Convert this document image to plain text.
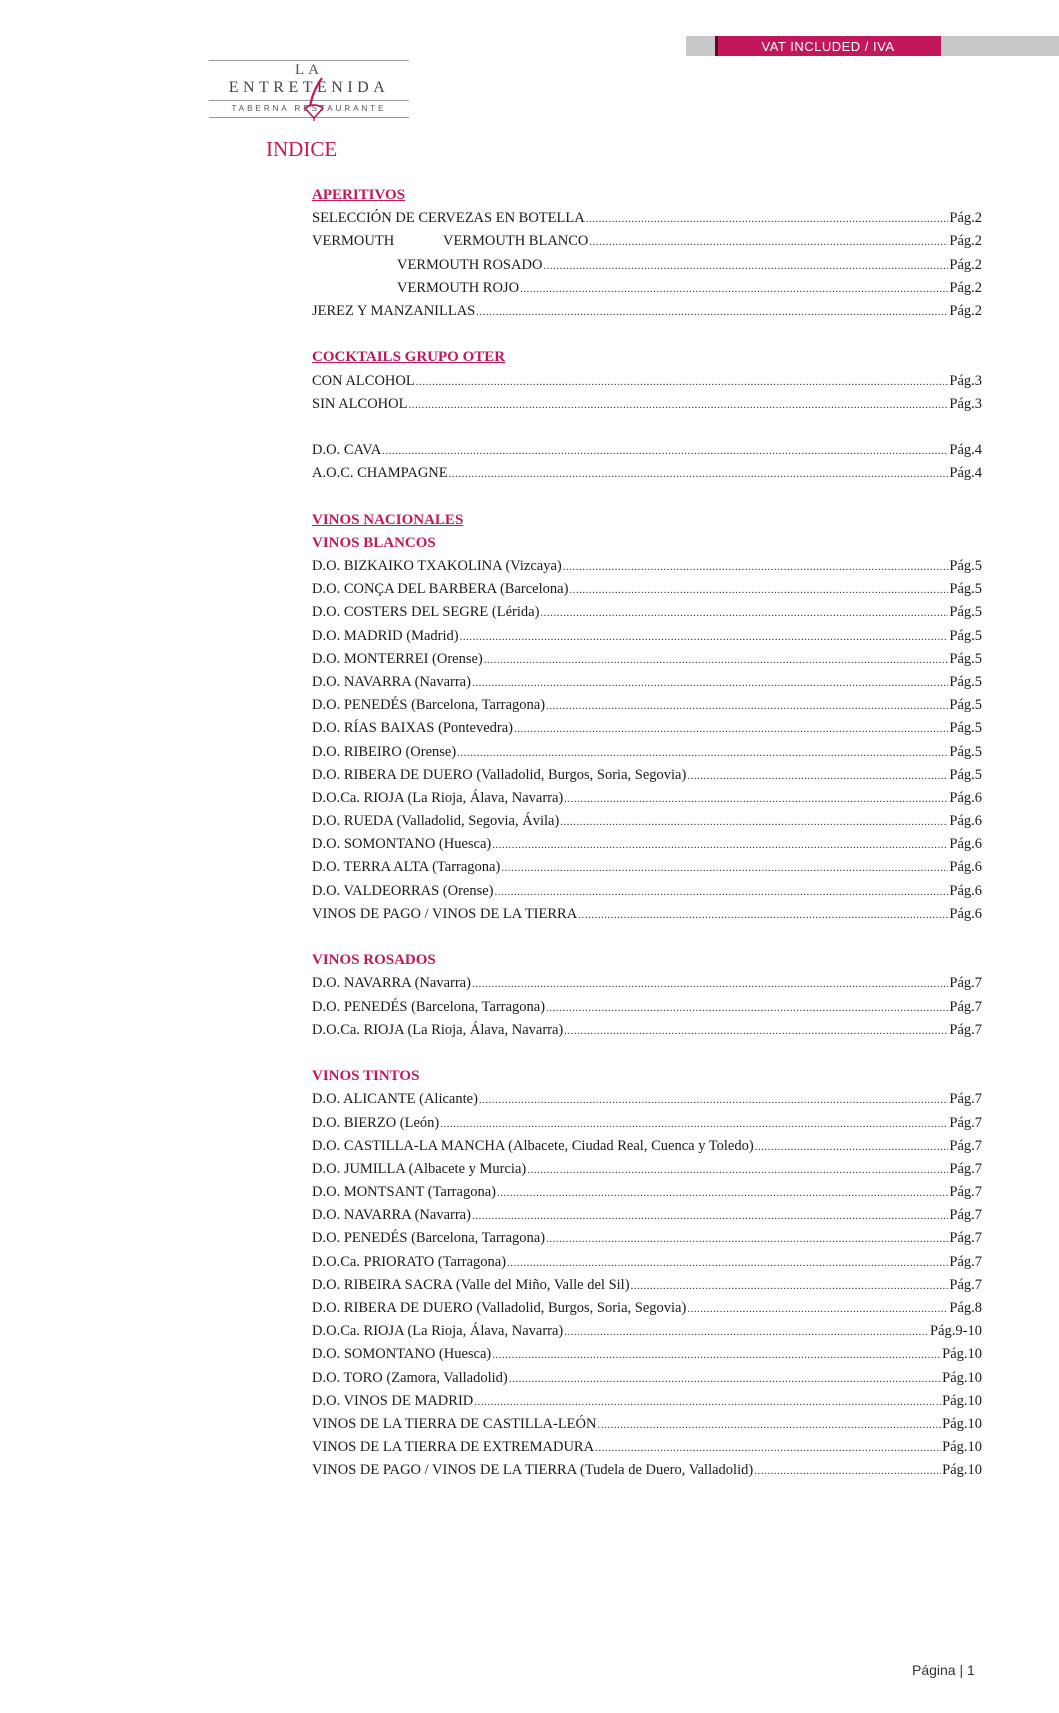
VAT INCLUDED / IVA
LA
ENTRETENIDA
TABERNA RESTAURANTE
INDICE
APERITIVOS
SELECCIÓN DE CERVEZAS EN BOTELLA .....	Pág.2
VERMOUTH	VERMOUTH BLANCO .....	Pág.2
VERMOUTH ROSADO .....	Pág.2
VERMOUTH ROJO .....	Pág.2
JEREZ Y MANZANILLAS .....	Pág.2
COCKTAILS GRUPO OTER
CON ALCOHOL .....	Pág.3
SIN ALCOHOL .....	Pág.3
D.O. CAVA .....	Pág.4
A.O.C. CHAMPAGNE .....	Pág.4
VINOS NACIONALES
VINOS BLANCOS
D.O. BIZKAIKO TXAKOLINA (Vizcaya) .....	Pág.5
D.O. CONÇA DEL BARBERA (Barcelona) .....	Pág.5
D.O. COSTERS DEL SEGRE (Lérida) .....	Pág.5
D.O. MADRID (Madrid) .....	Pág.5
D.O. MONTERREI (Orense) .....	Pág.5
D.O. NAVARRA (Navarra) .....	Pág.5
D.O. PENEDÉS (Barcelona, Tarragona) .....	Pág.5
D.O. RÍAS BAIXAS (Pontevedra) .....	Pág.5
D.O. RIBEIRO (Orense) .....	Pág.5
D.O. RIBERA DE DUERO (Valladolid, Burgos, Soria, Segovia) .....	Pág.5
D.O.Ca. RIOJA (La Rioja, Álava, Navarra) .....	Pág.6
D.O. RUEDA (Valladolid, Segovia, Ávila) .....	Pág.6
D.O. SOMONTANO (Huesca) .....	Pág.6
D.O. TERRA ALTA (Tarragona) .....	Pág.6
D.O. VALDEORRAS (Orense) .....	Pág.6
VINOS DE PAGO / VINOS DE LA TIERRA .....	Pág.6
VINOS ROSADOS
D.O. NAVARRA (Navarra) .....	Pág.7
D.O. PENEDÉS (Barcelona, Tarragona) .....	Pág.7
D.O.Ca. RIOJA (La Rioja, Álava, Navarra) .....	Pág.7
VINOS TINTOS
D.O. ALICANTE (Alicante) .....	Pág.7
D.O. BIERZO (León) .....	Pág.7
D.O. CASTILLA-LA MANCHA (Albacete, Ciudad Real, Cuenca y Toledo) .....	Pág.7
D.O. JUMILLA (Albacete y Murcia) .....	Pág.7
D.O. MONTSANT (Tarragona) .....	Pág.7
D.O. NAVARRA (Navarra) .....	Pág.7
D.O. PENEDÉS (Barcelona, Tarragona) .....	Pág.7
D.O.Ca. PRIORATO (Tarragona) .....	Pág.7
D.O. RIBEIRA SACRA (Valle del Miño, Valle del Sil) .....	Pág.7
D.O. RIBERA DE DUERO (Valladolid, Burgos, Soria, Segovia) .....	Pág.8
D.O.Ca. RIOJA (La Rioja, Álava, Navarra) .....	Pág.9-10
D.O. SOMONTANO (Huesca) .....	Pág.10
D.O. TORO (Zamora, Valladolid) .....	Pág.10
D.O. VINOS DE MADRID .....	Pág.10
VINOS DE LA TIERRA DE CASTILLA-LEÓN .....	Pág.10
VINOS DE LA TIERRA DE EXTREMADURA .....	Pág.10
VINOS DE PAGO / VINOS DE LA TIERRA (Tudela de Duero, Valladolid) .....	Pág.10
Página | 1
